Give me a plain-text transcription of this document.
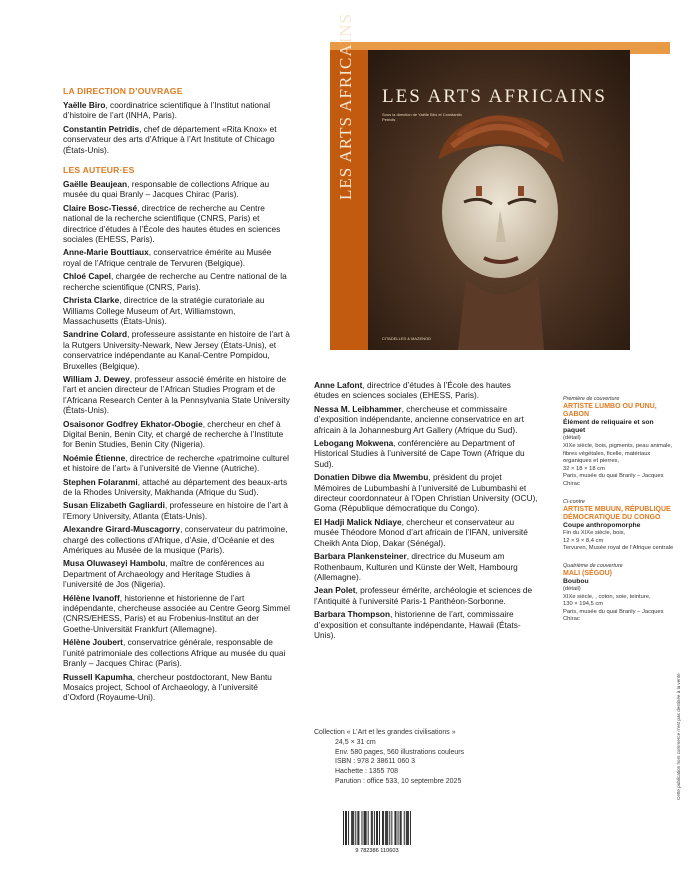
LA DIRECTION D’OUVRAGE
Yaëlle Biro, coordinatrice scientifique à l’Institut national d’histoire de l’art (INHA, Paris).
Constantin Petridis, chef de département «Rita Knox» et conservateur des arts d’Afrique à l’Art Institute of Chicago (États-Unis).
LES AUTEUR·ES
Gaëlle Beaujean, responsable de collections Afrique au musée du quai Branly – Jacques Chirac (Paris).
Claire Bosc-Tiessé, directrice de recherche au Centre national de la recherche scientifique (CNRS, Paris) et directrice d’études à l’École des hautes études en sciences sociales (EHESS, Paris).
Anne-Marie Bouttiaux, conservatrice émérite au Musée royal de l’Afrique centrale de Tervuren (Belgique).
Chloé Capel, chargée de recherche au Centre national de la recherche scientifique (CNRS, Paris).
Christa Clarke, directrice de la stratégie curatoriale au Williams College Museum of Art, Williamstown, Massachusetts (États-Unis).
Sandrine Colard, professeure assistante en histoire de l’art à la Rutgers University-Newark, New Jersey (États-Unis), et conservatrice indépendante au Kanal-Centre Pompidou, Bruxelles (Belgique).
William J. Dewey, professeur associé émérite en histoire de l’art et ancien directeur de l’African Studies Program et de l’Africana Research Center à la Pennsylvania State University (États-Unis).
Osaisonor Godfrey Ekhator-Obogie, chercheur en chef à Digital Benin, Benin City, et chargé de recherche à l’Institute for Benin Studies, Benin City (Nigeria).
Noémie Étienne, directrice de recherche «patrimoine culturel et histoire de l’art» à l’université de Vienne (Autriche).
Stephen Folaranmi, attaché au département des beaux-arts de la Rhodes University, Makhanda (Afrique du Sud).
Susan Elizabeth Gagliardi, professeure en histoire de l’art à l’Emory University, Atlanta (États-Unis).
Alexandre Girard-Muscagorry, conservateur du patrimoine, chargé des collections d’Afrique, d’Asie, d’Océanie et des Amériques au Musée de la musique (Paris).
Musa Oluwaseyi Hambolu, maître de conférences au Department of Archaeology and Heritage Studies à l’université de Jos (Nigeria).
Hélène Ivanoff, historienne et historienne de l’art indépendante, chercheuse associée au Centre Georg Simmel (CNRS/EHESS, Paris) et au Frobenius-Institut an der Goethe-Universität Frankfurt (Allemagne).
Hélène Joubert, conservatrice générale, responsable de l’unité patrimoniale des collections Afrique au musée du quai Branly – Jacques Chirac (Paris).
Russell Kapumha, chercheur postdoctorant, New Bantu Mosaics project, School of Archaeology, à l’université d’Oxford (Royaume-Uni).
LES ARTS AFRICAINS LES ARTS AFRICAINS
Sous la direction de Yaëlle Biro et Constantin Petridis
CITADELLES & MAZENOD
Anne Lafont, directrice d’études à l’École des hautes études en sciences sociales (EHESS, Paris).
Nessa M. Leibhammer, chercheuse et commissaire d’exposition indépendante, ancienne conservatrice en art africain à la Johannesburg Art Gallery (Afrique du Sud).
Lebogang Mokwena, conférencière au Department of Historical Studies à l’université de Cape Town (Afrique du Sud).
Donatien Dibwe dia Mwembu, président du projet Mémoires de Lubumbashi à l’université de Lubumbashi et directeur coordonnateur à l’Open Christian University (OCU), Goma (République démocratique du Congo).
El Hadji Malick Ndiaye, chercheur et conservateur au musée Théodore Monod d’art africain de l’IFAN, université Cheikh Anta Diop, Dakar (Sénégal).
Barbara Plankensteiner, directrice du Museum am Rothenbaum, Kulturen und Künste der Welt, Hambourg (Allemagne).
Jean Polet, professeur émérite, archéologie et sciences de l’Antiquité à l’université Paris-1 Panthéon-Sorbonne.
Barbara Thompson, historienne de l’art, commissaire d’exposition et consultante indépendante, Hawaii (États-Unis).
Première de couverture
ARTISTE LUMBO OU PUNU, GABON
Élément de reliquaire et son paquet
(détail)
XIXe siècle, bois, pigments, peau animale, fibres végétales, ficelle, matériaux organiques et pierres,
32 × 18 × 18 cm
Paris, musée du quai Branly – Jacques Chirac
Ci-contre
ARTISTE MBUUN, RÉPUBLIQUE DÉMOCRATIQUE DU CONGO
Coupe anthropomorphe
Fin du XIXe siècle, bois,
12 × 9 × 8,4 cm
Tervuren, Musée royal de l’Afrique centrale
Quatrième de couverture
MALI (SÉGOU)
Boubou
(détail)
XIXe siècle, , coton, soie, teinture,
130 × 194,5 cm
Paris, musée du quai Branly – Jacques Chirac
Collection « L’Art et les grandes civilisations »
24,5 × 31 cm
Env. 580 pages, 560 illustrations couleurs
ISBN : 978 2 38611 060 3
Hachette : 1355 708
Parution : office 533, 10 septembre 2025
9 782386 110603
Cette publication hors commerce n’est pas destinée à la vente
